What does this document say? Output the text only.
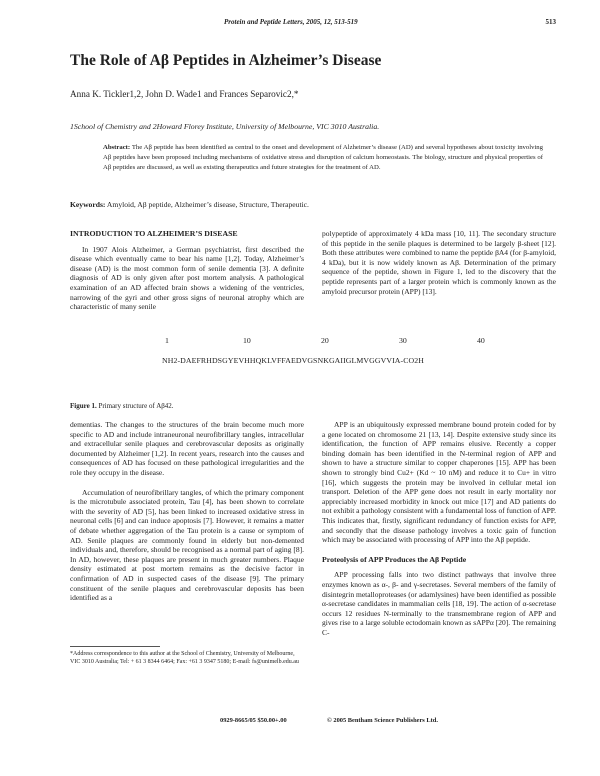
Protein and Peptide Letters, 2005, 12, 513-519	513
The Role of Aβ Peptides in Alzheimer’s Disease
Anna K. Tickler1,2, John D. Wade1 and Frances Separovic2,*
1School of Chemistry and 2Howard Florey Institute, University of Melbourne, VIC 3010 Australia.

Abstract: The Aβ peptide has been identified as central to the onset and development of Alzheimer’s disease (AD) and several hypotheses about toxicity involving Aβ peptides have been proposed including mechanisms of oxidative stress and disruption of calcium homeostasis. The biology, structure and physical properties of Aβ peptides are discussed, as well as existing therapeutics and future strategies for the treatment of AD.

Keywords: Amyloid, Aβ peptide, Alzheimer’s disease, Structure, Therapeutic.

INTRODUCTION TO ALZHEIMER’S DISEASE

In 1907 Alois Alzheimer, a German psychiatrist, first described the disease which eventually came to bear his name [1,2]. Today, Alzheimer’s disease (AD) is the most common form of senile dementia [3]. A definite diagnosis of AD is only given after post mortem analysis. A pathological examination of an AD affected brain shows a widening of the ventricles, narrowing of the gyri and other gross signs of neuronal atrophy which are characteristic of many senile

polypeptide of approximately 4 kDa mass [10, 11]. The secondary structure of this peptide in the senile plaques is determined to be largely β-sheet [12]. Both these attributes were combined to name the peptide βA4 (for β-amyloid, 4 kDa), but it is now widely known as Aβ. Determination of the primary sequence of the peptide, shown in Figure 1, led to the discovery that the peptide represents part of a larger protein which is commonly known as the amyloid precursor protein (APP) [13].

1	10	20	30	40
NH2-DAEFRHDSGYEVHHQKLVFFAEDVGSNKGAIIGLMVGGVVIA-CO2H
Figure 1. Primary structure of Aβ42.

dementias. The changes to the structures of the brain become much more specific to AD and include intraneuronal neurofibrillary tangles, intracellular and extracellular senile plaques and cerebrovascular deposits as originally documented by Alzheimer [1,2]. In recent years, research into the causes and consequences of AD has focused on these pathological irregularities and the role they occupy in the disease.

Accumulation of neurofibrillary tangles, of which the primary component is the microtubule associated protein, Tau [4], has been shown to correlate with the severity of AD [5], has been linked to increased oxidative stress in neuronal cells [6] and can induce apoptosis [7]. However, it remains a matter of debate whether aggregation of the Tau protein is a cause or symptom of AD. Senile plaques are commonly found in elderly but non-demented individuals and, therefore, should be recognised as a normal part of aging [8]. In AD, however, these plaques are present in much greater numbers. Plaque density estimated at post mortem remains as the decisive factor in confirmation of AD in suspected cases of the disease [9]. The primary constituent of the senile plaques and cerebrovascular deposits has been identified as a

APP is an ubiquitously expressed membrane bound protein coded for by a gene located on chromosome 21 [13, 14]. Despite extensive study since its identification, the function of APP remains elusive. Recently a copper binding domain has been identified in the N-terminal region of APP and shown to have a structure similar to copper chaperones [15]. APP has been shown to strongly bind Cu2+ (Kd ~ 10 nM) and reduce it to Cu+ in vitro [16], which suggests the protein may be involved in cellular metal ion transport. Deletion of the APP gene does not result in early mortality nor appreciably increased morbidity in knock out mice [17] and AD patients do not exhibit a pathology consistent with a fundamental loss of function of APP. This indicates that, firstly, significant redundancy of function exists for APP, and secondly that the disease pathology involves a toxic gain of function which may be associated with processing of APP into the Aβ peptide.

Proteolysis of APP Produces the Aβ Peptide

APP processing falls into two distinct pathways that involve three enzymes known as α-, β- and γ-secretases. Several members of the family of disintegrin metalloproteases (or adamlysines) have been identified as possible α-secretase candidates in mammalian cells [18, 19]. The action of α-secretase occurs 12 residues N-terminally to the transmembrane region of APP and gives rise to a large soluble ectodomain known as sAPPα [20]. The remaining C-

*Address correspondence to this author at the School of Chemistry, University of Melbourne, VIC 3010 Australia; Tel: + 61 3 8344 6464; Fax: +61 3 9347 5180; E-mail: fs@unimelb.edu.au
0929-8665/05 $50.00+.00	© 2005 Bentham Science Publishers Ltd.
